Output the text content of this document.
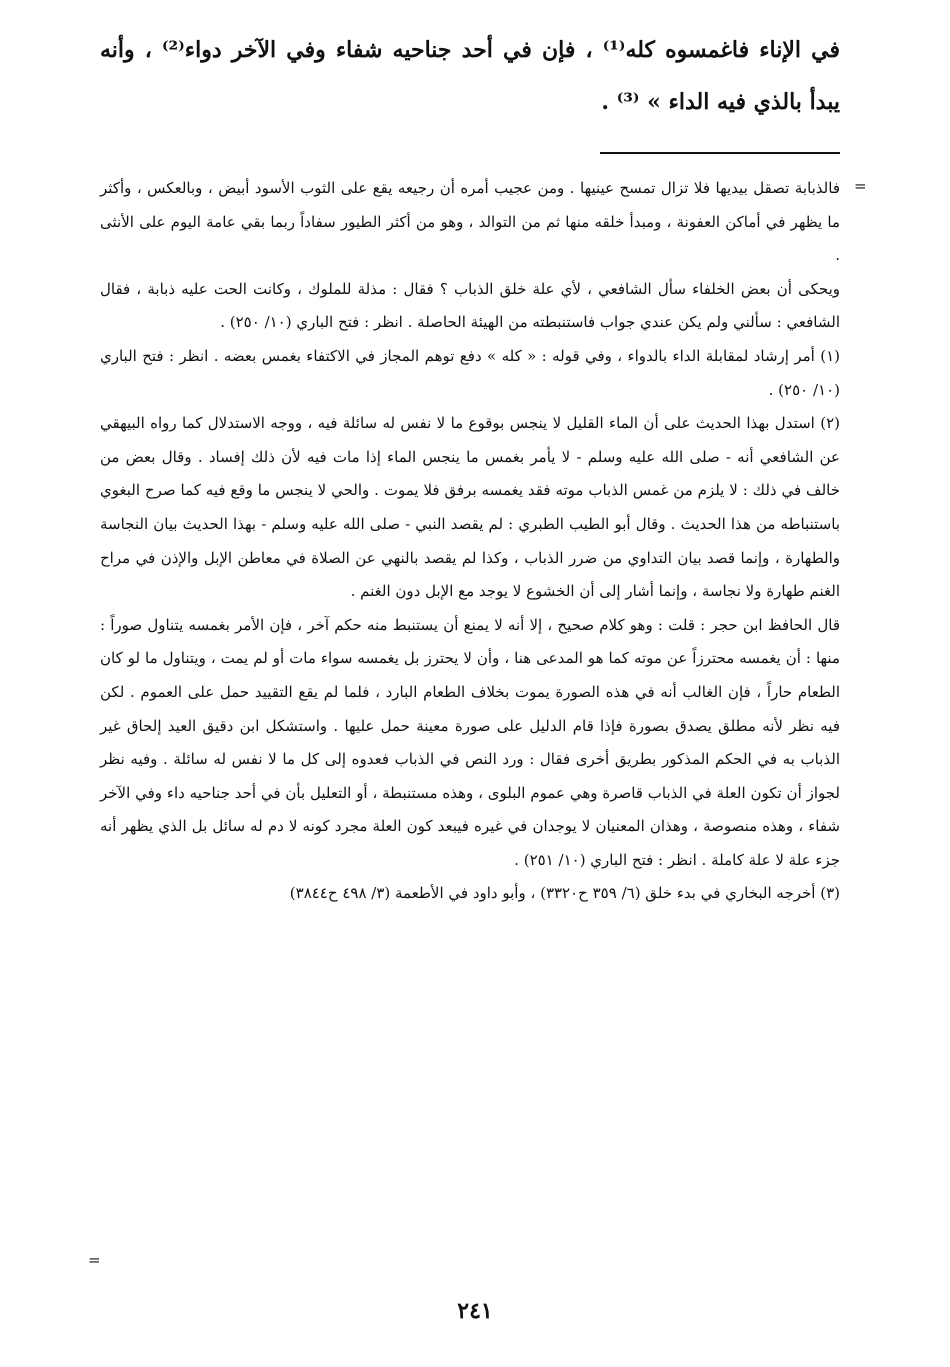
في الإناء فاغمسوه كله⁽¹⁾ ، فإن في أحد جناحيه شفاء وفي الآخر دواء⁽²⁾ ، وأنه يبدأ بالذي فيه الداء » ⁽³⁾ .
=

فالذبابة تصقل بيديها فلا تزال تمسح عينيها . ومن عجيب أمره أن رجيعه يقع على الثوب الأسود أبيض ، وبالعكس ، وأكثر ما يظهر في أماكن العفونة ، ومبدأ خلقه منها ثم من التوالد ، وهو من أكثر الطيور سفاداً ربما بقي عامة اليوم على الأنثى .

ويحكى أن بعض الخلفاء سأل الشافعي ، لأي علة خلق الذباب ؟ فقال : مذلة للملوك ، وكانت الحت عليه ذبابة ، فقال الشافعي : سألني ولم يكن عندي جواب فاستنبطته من الهيئة الحاصلة . انظر : فتح الباري (١٠/ ٢٥٠) .

(١) أمر إرشاد لمقابلة الداء بالدواء ، وفي قوله : « كله » دفع توهم المجاز في الاكتفاء بغمس بعضه . انظر : فتح الباري (١٠/ ٢٥٠) .

(٢) استدل بهذا الحديث على أن الماء القليل لا ينجس بوقوع ما لا نفس له سائلة فيه ، ووجه الاستدلال كما رواه البيهقي عن الشافعي أنه - صلى الله عليه وسلم - لا يأمر بغمس ما ينجس الماء إذا مات فيه لأن ذلك إفساد . وقال بعض من خالف في ذلك : لا يلزم من غمس الذباب موته فقد يغمسه برفق فلا يموت . والحي لا ينجس ما وقع فيه كما صرح البغوي باستنباطه من هذا الحديث . وقال أبو الطيب الطبري : لم يقصد النبي - صلى الله عليه وسلم - بهذا الحديث بيان النجاسة والطهارة ، وإنما قصد بيان التداوي من ضرر الذباب ، وكذا لم يقصد بالنهي عن الصلاة في معاطن الإبل والإذن في مراح الغنم طهارة ولا نجاسة ، وإنما أشار إلى أن الخشوع لا يوجد مع الإبل دون الغنم .

قال الحافظ ابن حجر : قلت : وهو كلام صحيح ، إلا أنه لا يمنع أن يستنبط منه حكم آخر ، فإن الأمر بغمسه يتناول صوراً : منها : أن يغمسه محترزاً عن موته كما هو المدعى هنا ، وأن لا يحترز بل يغمسه سواء مات أو لم يمت ، ويتناول ما لو كان الطعام حاراً ، فإن الغالب أنه في هذه الصورة يموت بخلاف الطعام البارد ، فلما لم يقع التقييد حمل على العموم . لكن فيه نظر لأنه مطلق يصدق بصورة فإذا قام الدليل على صورة معينة حمل عليها . واستشكل ابن دقيق العيد إلحاق غير الذباب به في الحكم المذكور بطريق أخرى فقال : ورد النص في الذباب فعدوه إلى كل ما لا نفس له سائلة . وفيه نظر لجواز أن تكون العلة في الذباب قاصرة وهي عموم البلوى ، وهذه مستنبطة ، أو التعليل بأن في أحد جناحيه داء وفي الآخر شفاء ، وهذه منصوصة ، وهذان المعنيان لا يوجدان في غيره فيبعد كون العلة مجرد كونه لا دم له سائل بل الذي يظهر أنه جزء علة لا علة كاملة . انظر : فتح الباري (١٠/ ٢٥١) .

(٣) أخرجه البخاري في بدء خلق (٦/ ٣٥٩ ح٣٣٢٠) ، وأبو داود في الأطعمة (٣/ ٤٩٨ ح٣٨٤٤)

=
٢٤١
